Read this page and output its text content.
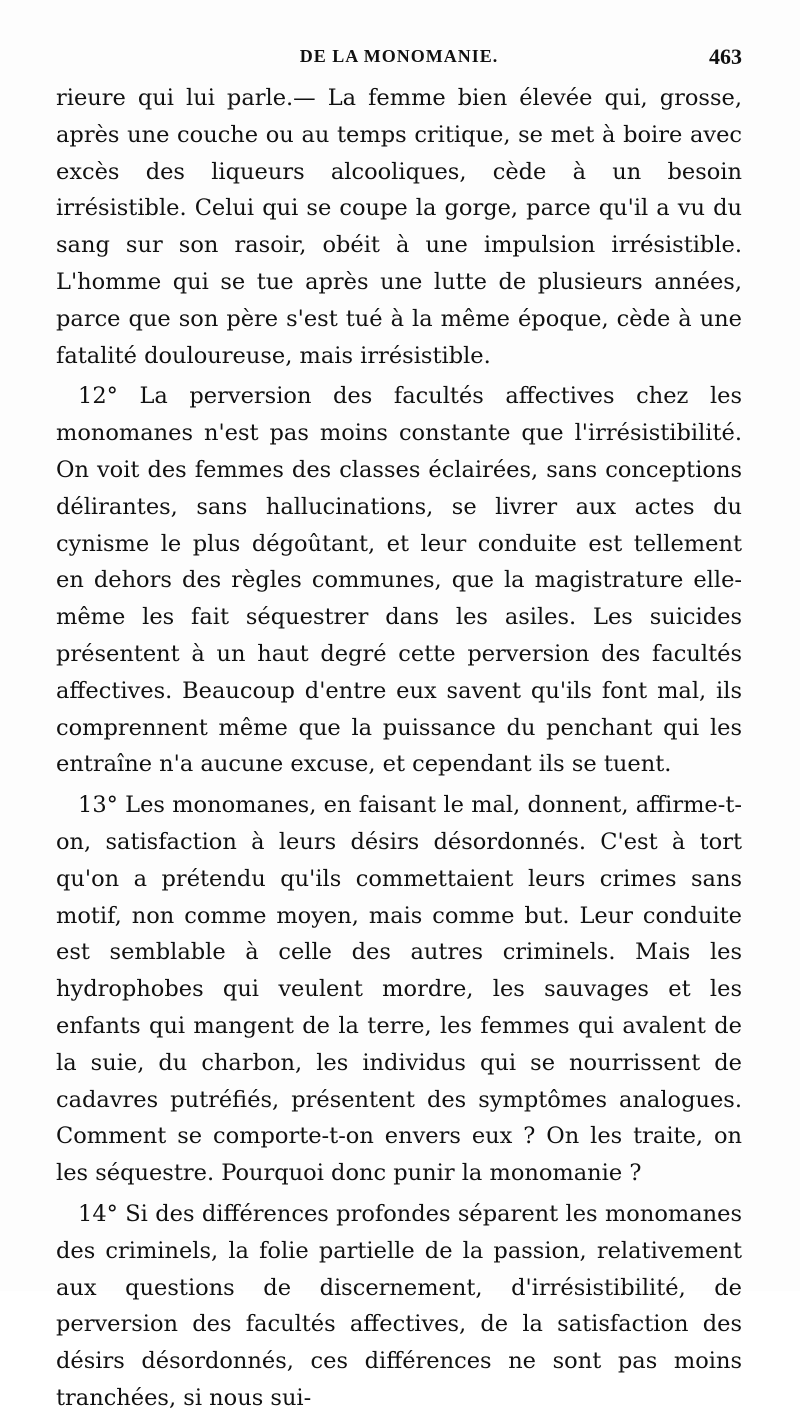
DE LA MONOMANIE.	463

rieure qui lui parle.— La femme bien élevée qui, grosse, après une couche ou au temps critique, se met à boire avec excès des liqueurs alcooliques, cède à un besoin irrésistible. Celui qui se coupe la gorge, parce qu'il a vu du sang sur son rasoir, obéit à une impulsion irrésistible. L'homme qui se tue après une lutte de plusieurs années, parce que son père s'est tué à la même époque, cède à une fatalité douloureuse, mais irrésistible.

12° La perversion des facultés affectives chez les monomanes n'est pas moins constante que l'irrésistibilité. On voit des femmes des classes éclairées, sans conceptions délirantes, sans hallucinations, se livrer aux actes du cynisme le plus dégoûtant, et leur conduite est tellement en dehors des règles communes, que la magistrature elle-même les fait séquestrer dans les asiles. Les suicides présentent à un haut degré cette perversion des facultés affectives. Beaucoup d'entre eux savent qu'ils font mal, ils comprennent même que la puissance du penchant qui les entraîne n'a aucune excuse, et cependant ils se tuent.

13° Les monomanes, en faisant le mal, donnent, affirme-t-on, satisfaction à leurs désirs désordonnés. C'est à tort qu'on a prétendu qu'ils commettaient leurs crimes sans motif, non comme moyen, mais comme but. Leur conduite est semblable à celle des autres criminels. Mais les hydrophobes qui veulent mordre, les sauvages et les enfants qui mangent de la terre, les femmes qui avalent de la suie, du charbon, les individus qui se nourrissent de cadavres putréfiés, présentent des symptômes analogues. Comment se comporte-t-on envers eux ? On les traite, on les séquestre. Pourquoi donc punir la monomanie ?

14° Si des différences profondes séparent les monomanes des criminels, la folie partielle de la passion, relativement aux questions de discernement, d'irrésistibilité, de perversion des facultés affectives, de la satisfaction des désirs désordonnés, ces différences ne sont pas moins tranchées, si nous sui-
